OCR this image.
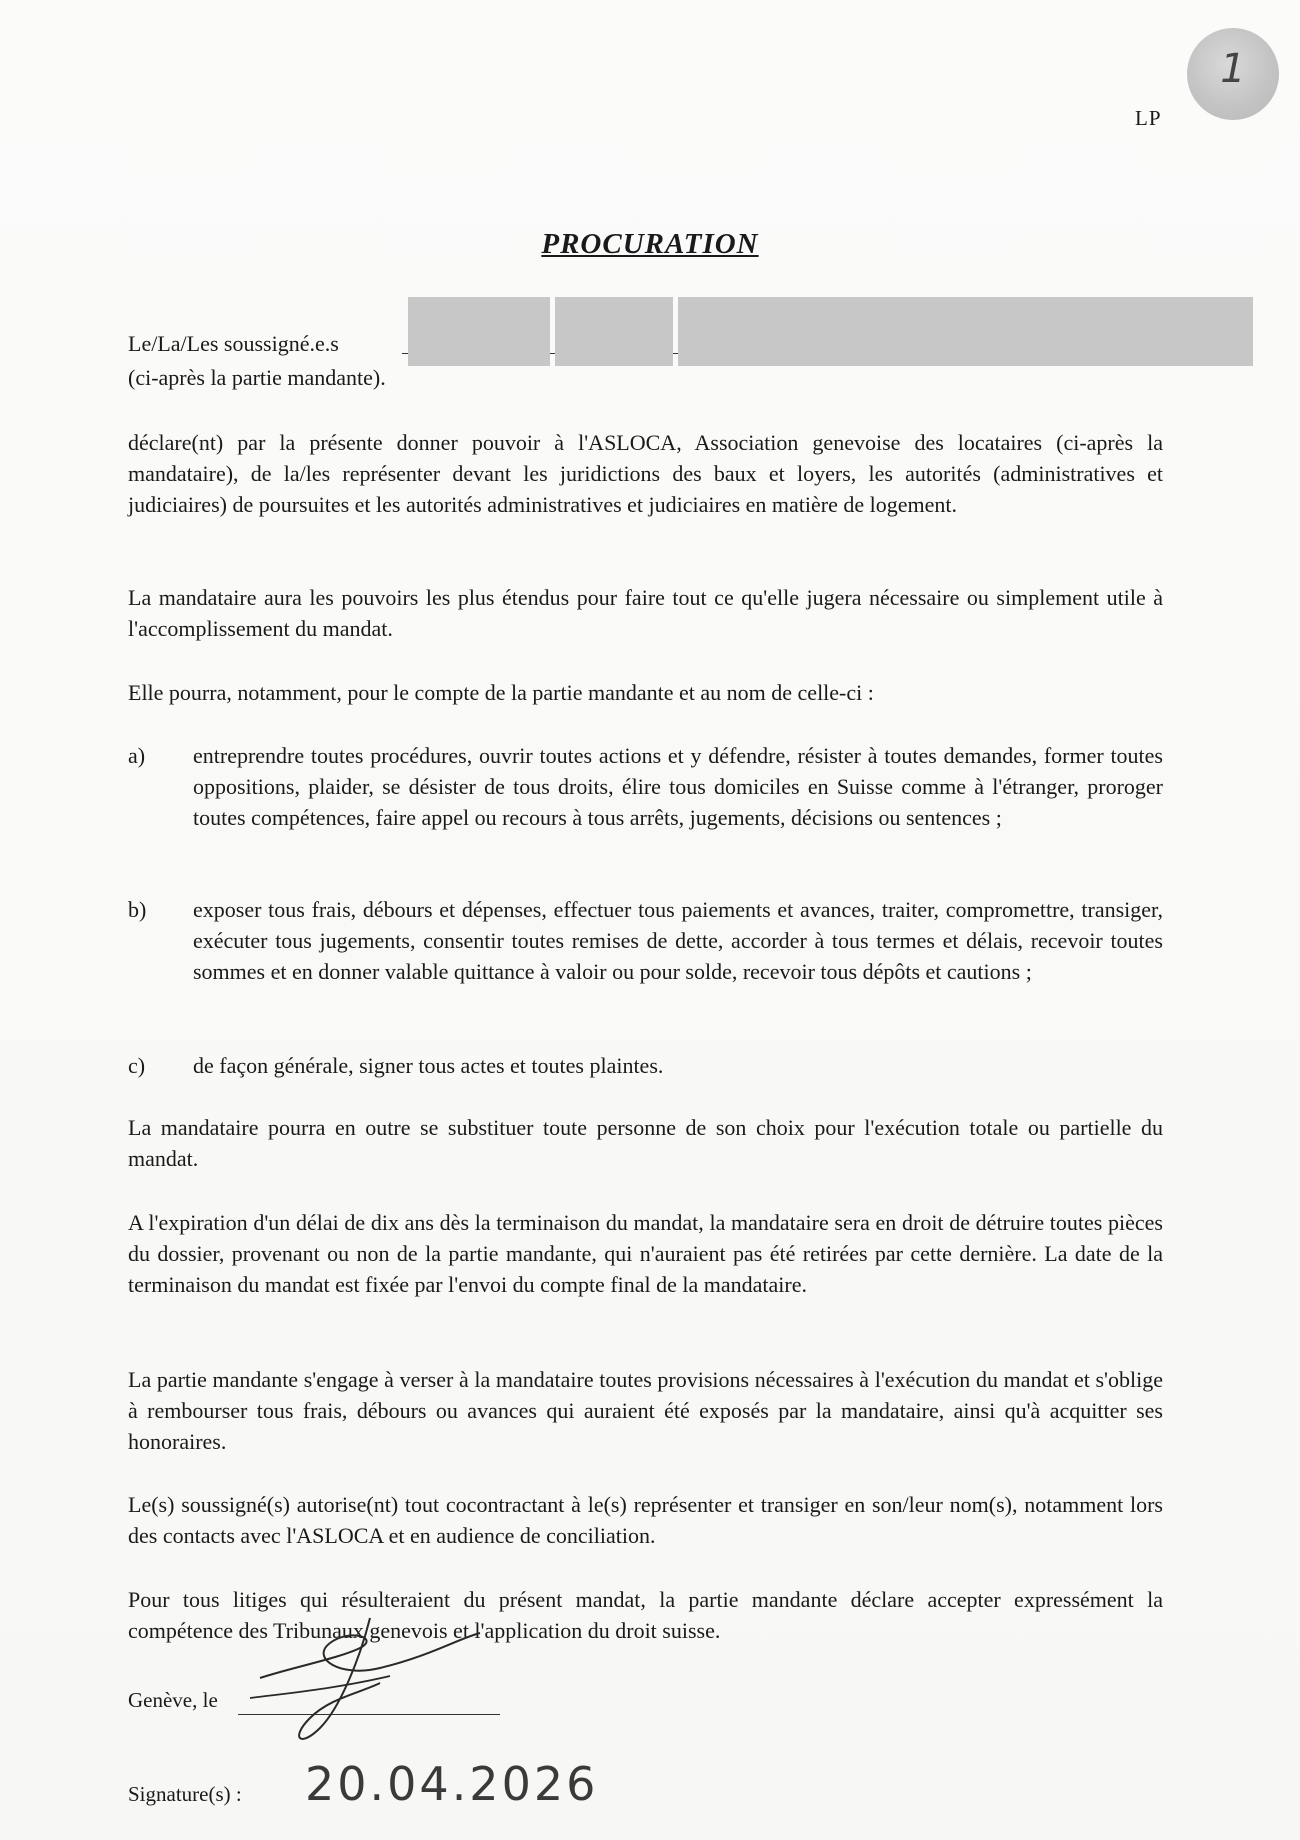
1
LP
PROCURATION
Le/La/Les soussigné.e.s
(ci-après la partie mandante).
déclare(nt) par la présente donner pouvoir à l'ASLOCA, Association genevoise des locataires (ci-après la mandataire), de la/les représenter devant les juridictions des baux et loyers, les autorités (administratives et judiciaires) de poursuites et les autorités administratives et judiciaires en matière de logement.
La mandataire aura les pouvoirs les plus étendus pour faire tout ce qu'elle jugera nécessaire ou simplement utile à l'accomplissement du mandat.
Elle pourra, notamment, pour le compte de la partie mandante et au nom de celle-ci :
a)	entreprendre toutes procédures, ouvrir toutes actions et y défendre, résister à toutes demandes, former toutes oppositions, plaider, se désister de tous droits, élire tous domiciles en Suisse comme à l'étranger, proroger toutes compétences, faire appel ou recours à tous arrêts, jugements, décisions ou sentences ;
b)	exposer tous frais, débours et dépenses, effectuer tous paiements et avances, traiter, compromettre, transiger, exécuter tous jugements, consentir toutes remises de dette, accorder à tous termes et délais, recevoir toutes sommes et en donner valable quittance à valoir ou pour solde, recevoir tous dépôts et cautions ;
c)	de façon générale, signer tous actes et toutes plaintes.
La mandataire pourra en outre se substituer toute personne de son choix pour l'exécution totale ou partielle du mandat.
A l'expiration d'un délai de dix ans dès la terminaison du mandat, la mandataire sera en droit de détruire toutes pièces du dossier, provenant ou non de la partie mandante, qui n'auraient pas été retirées par cette dernière. La date de la terminaison du mandat est fixée par l'envoi du compte final de la mandataire.
La partie mandante s'engage à verser à la mandataire toutes provisions nécessaires à l'exécution du mandat et s'oblige à rembourser tous frais, débours ou avances qui auraient été exposés par la mandataire, ainsi qu'à acquitter ses honoraires.
Le(s) soussigné(s) autorise(nt) tout cocontractant à le(s) représenter et transiger en son/leur nom(s), notamment lors des contacts avec l'ASLOCA et en audience de conciliation.
Pour tous litiges qui résulteraient du présent mandat, la partie mandante déclare accepter expressément la compétence des Tribunaux genevois et l'application du droit suisse.
Genève, le
Signature(s) : 20.04.2026
